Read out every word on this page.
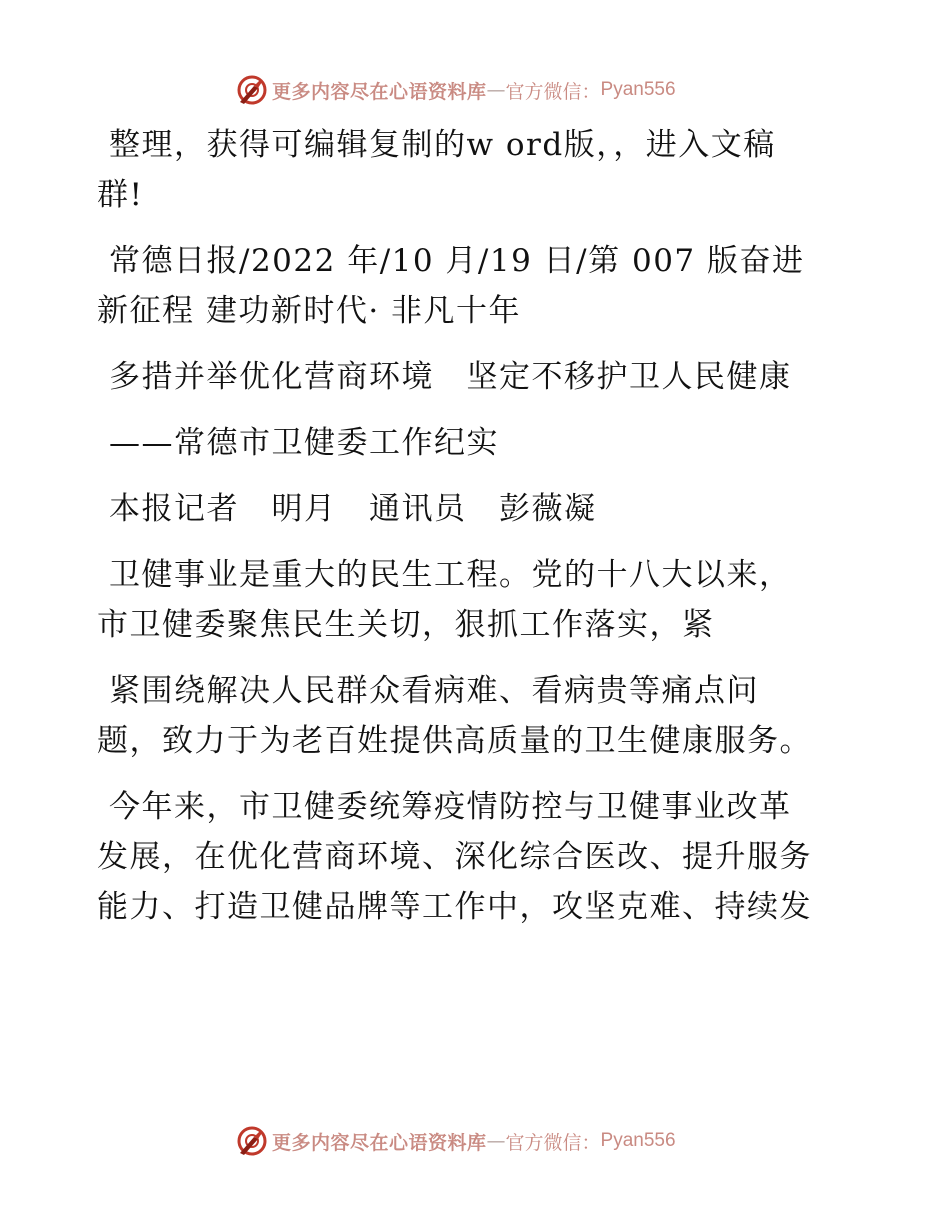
更多内容尽在心语资料库 — 官方微信： Pyan556

整理，获得可编辑复制的w ord版，，进入文稿
群!

常德日报/2022 年/10 月/19 日/第 007 版奋进
新征程 建功新时代· 非凡十年

多措并举优化营商环境　坚定不移护卫人民健康

——常德市卫健委工作纪实

本报记者　明月　通讯员　彭薇凝

卫健事业是重大的民生工程。党的十八大以来，
市卫健委聚焦民生关切，狠抓工作落实，紧

紧围绕解决人民群众看病难、看病贵等痛点问
题，致力于为老百姓提供高质量的卫生健康服务。

今年来，市卫健委统筹疫情防控与卫健事业改革
发展，在优化营商环境、深化综合医改、提升服务
能力、打造卫健品牌等工作中，攻坚克难、持续发

更多内容尽在心语资料库 — 官方微信： Pyan556
